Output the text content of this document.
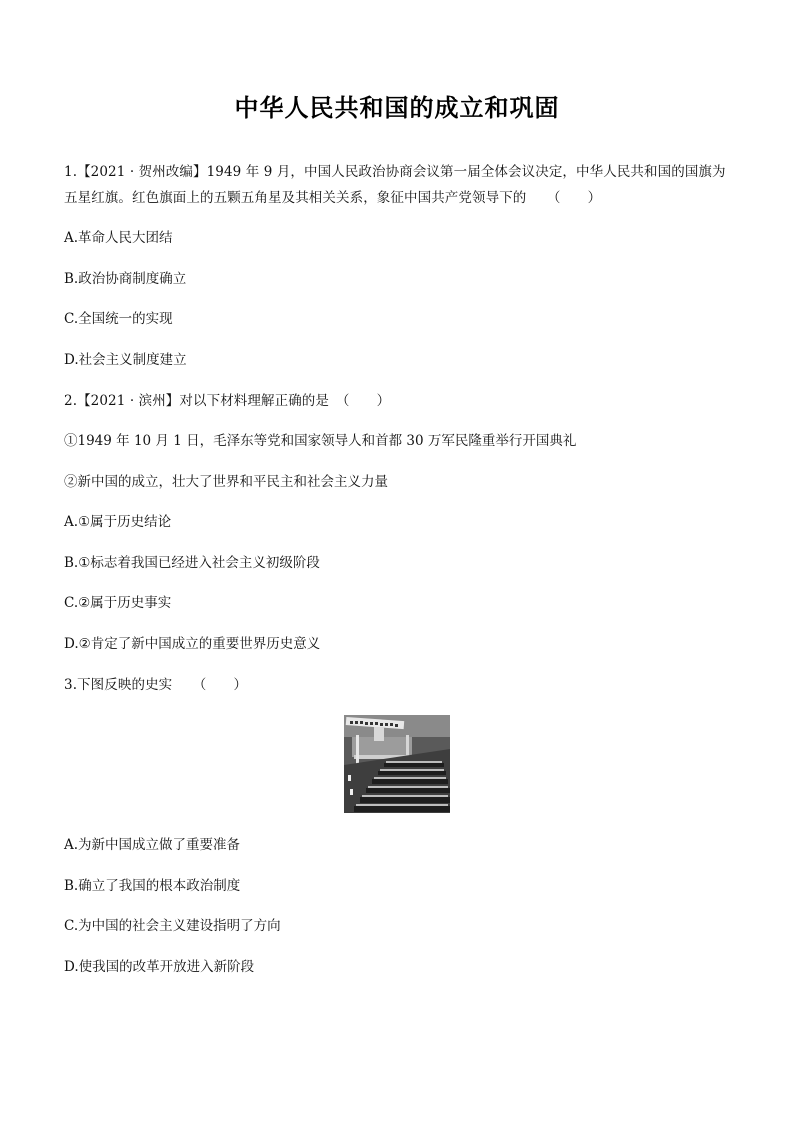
中华人民共和国的成立和巩固
1.【2021 · 贺州改编】1949 年 9 月，中国人民政治协商会议第一届全体会议决定，中华人民共和国的国旗为
五星红旗。红色旗面上的五颗五角星及其相关关系，象征中国共产党领导下的　　（　　）
A.革命人民大团结
B.政治协商制度确立
C.全国统一的实现
D.社会主义制度建立
2.【2021 · 滨州】对以下材料理解正确的是　（　　）
①1949 年 10 月 1 日，毛泽东等党和国家领导人和首都 30 万军民隆重举行开国典礼
②新中国的成立，壮大了世界和平民主和社会主义力量
A.①属于历史结论
B.①标志着我国已经进入社会主义初级阶段
C.②属于历史事实
D.②肯定了新中国成立的重要世界历史意义
3.下图反映的史实　　（　　）
A.为新中国成立做了重要准备
B.确立了我国的根本政治制度
C.为中国的社会主义建设指明了方向
D.使我国的改革开放进入新阶段
